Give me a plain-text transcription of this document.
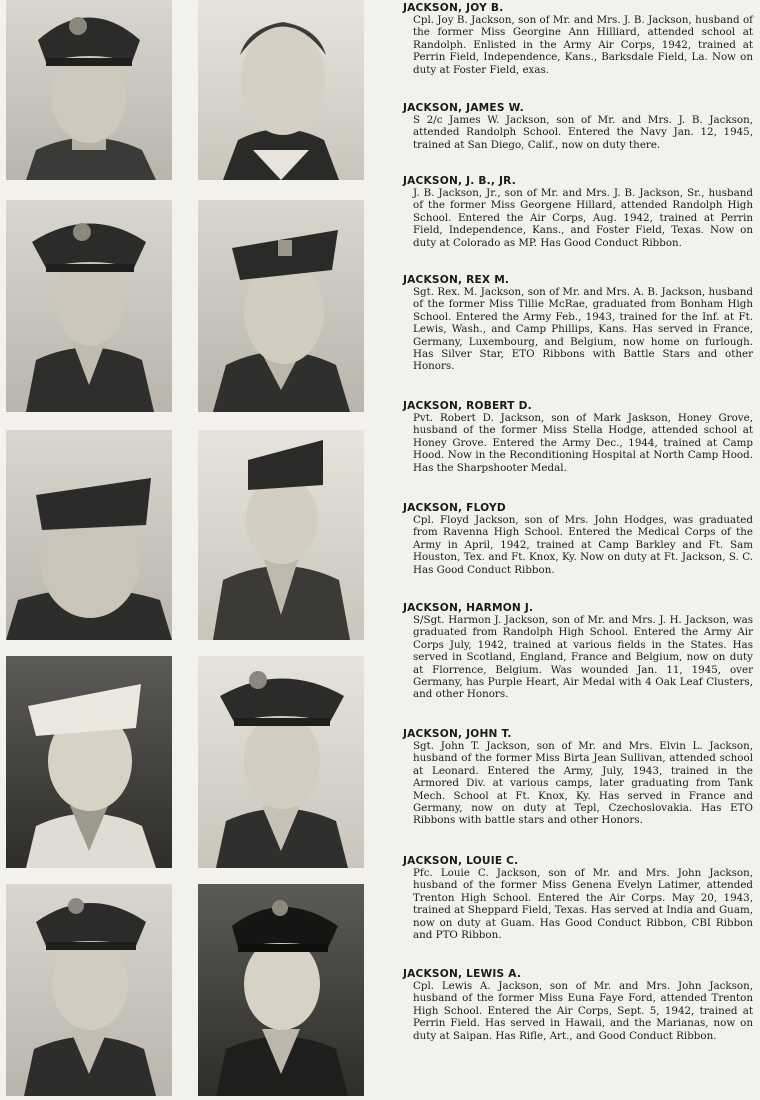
JACKSON, JOY B.
Cpl. Joy B. Jackson, son of Mr. and Mrs. J. B. Jackson, husband of the former Miss Georgine Ann Hilliard, attended school at Randolph. Enlisted in the Army Air Corps, 1942, trained at Perrin Field, Independence, Kans., Barksdale Field, La. Now on duty at Foster Field, exas.
JACKSON, JAMES W.
S 2/c James W. Jackson, son of Mr. and Mrs. J. B. Jackson, attended Randolph School. Entered the Navy Jan. 12, 1945, trained at San Diego, Calif., now on duty there.
JACKSON, J. B., JR.
J. B. Jackson, Jr., son of Mr. and Mrs. J. B. Jackson, Sr., husband of the former Miss Georgene Hillard, attended Randolph High School. Entered the Air Corps, Aug. 1942, trained at Perrin Field, Independence, Kans., and Foster Field, Texas. Now on duty at Colorado as MP. Has Good Conduct Ribbon.
JACKSON, REX M.
Sgt. Rex. M. Jackson, son of Mr. and Mrs. A. B. Jackson, husband of the former Miss Tillie McRae, graduated from Bonham High School. Entered the Army Feb., 1943, trained for the Inf. at Ft. Lewis, Wash., and Camp Phillips, Kans. Has served in France, Germany, Luxembourg, and Belgium, now home on furlough. Has Silver Star, ETO Ribbons with Battle Stars and other Honors.
JACKSON, ROBERT D.
Pvt. Robert D. Jackson, son of Mark Jaskson, Honey Grove, husband of the former Miss Stella Hodge, attended school at Honey Grove. Entered the Army Dec., 1944, trained at Camp Hood. Now in the Reconditioning Hospital at North Camp Hood. Has the Sharpshooter Medal.
JACKSON, FLOYD
Cpl. Floyd Jackson, son of Mrs. John Hodges, was graduated from Ravenna High School. Entered the Medical Corps of the Army in April, 1942, trained at Camp Barkley and Ft. Sam Houston, Tex. and Ft. Knox, Ky. Now on duty at Ft. Jackson, S. C. Has Good Conduct Ribbon.
JACKSON, HARMON J.
S/Sgt. Harmon J. Jackson, son of Mr. and Mrs. J. H. Jackson, was graduated from Randolph High School. Entered the Army Air Corps July, 1942, trained at various fields in the States. Has served in Scotland, England, France and Belgium, now on duty at Florrence, Belgium. Was wounded Jan. 11, 1945, over Germany, has Purple Heart, Air Medal with 4 Oak Leaf Clusters, and other Honors.
JACKSON, JOHN T.
Sgt. John T. Jackson, son of Mr. and Mrs. Elvin L. Jackson, husband of the former Miss Birta Jean Sullivan, attended school at Leonard. Entered the Army, July, 1943, trained in the Armored Div. at various camps, later graduating from Tank Mech. School at Ft. Knox, Ky. Has served in France and Germany, now on duty at Tepl, Czechoslovakia. Has ETO Ribbons with battle stars and other Honors.
JACKSON, LOUIE C.
Pfc. Louie C. Jackson, son of Mr. and Mrs. John Jackson, husband of the former Miss Genena Evelyn Latimer, attended Trenton High School. Entered the Air Corps. May 20, 1943, trained at Sheppard Field, Texas. Has served at India and Guam, now on duty at Guam. Has Good Conduct Ribbon, CBI Ribbon and PTO Ribbon.
JACKSON, LEWIS A.
Cpl. Lewis A. Jackson, son of Mr. and Mrs. John Jackson, husband of the former Miss Euna Faye Ford, attended Trenton High School. Entered the Air Corps, Sept. 5, 1942, trained at Perrin Field. Has served in Hawaii, and the Marianas, now on duty at Saipan. Has Rifle, Art., and Good Conduct Ribbon.
